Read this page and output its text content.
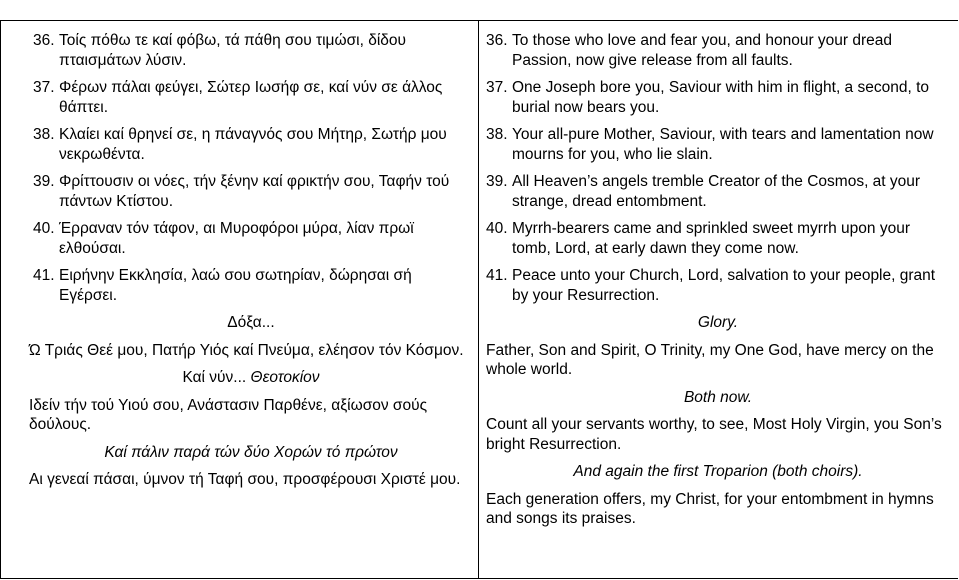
36. Τοίς πόθω τε καί φόβω, τά πάθη σου τιμώσι, δίδου πταισμάτων λύσιν.
37. Φέρων πάλαι φεύγει, Σώτερ Ιωσήφ σε, καί νύν σε άλλος θάπτει.
38. Κλαίει καί θρηνεί σε, η πάναγνός σου Μήτηρ, Σωτήρ μου νεκρωθέντα.
39. Φρίττουσιν οι νόες, τήν ξένην καί φρικτήν σου, Ταφήν τού πάντων Κτίστου.
40. Έρραναν τόν τάφον, αι Μυροφόροι μύρα, λίαν πρωϊ ελθούσαι.
41. Ειρήνην Εκκλησία, λαώ σου σωτηρίαν, δώρησαι σή Εγέρσει.
Δόξα...
Ώ Τριάς Θεέ μου, Πατήρ Υιός καί Πνεύμα, ελέησον τόν Κόσμον.
Καί νύν... Θεοτοκίον
Ιδείν τήν τού Υιού σου, Ανάστασιν Παρθένε, αξίωσον σούς δούλους.
Καί πάλιν παρά τών δύο Χορών τό πρώτον
Αι γενεαί πάσαι, ύμνον τή Ταφή σου, προσφέρουσι Χριστέ μου.
36. To those who love and fear you, and honour your dread Passion, now give release from all faults.
37. One Joseph bore you, Saviour with him in flight, a second, to burial now bears you.
38. Your all-pure Mother, Saviour, with tears and lamentation now mourns for you, who lie slain.
39. All Heaven’s angels tremble Creator of the Cosmos, at your strange, dread entombment.
40. Myrrh-bearers came and sprinkled sweet myrrh upon your tomb, Lord, at early dawn they come now.
41. Peace unto your Church, Lord, salvation to your people, grant by your Resurrection.
Glory.
Father, Son and Spirit, O Trinity, my One God, have mercy on the whole world.
Both now.
Count all your servants worthy, to see, Most Holy Virgin, you Son’s bright Resurrection.
And again the first Troparion (both choirs).
Each generation offers, my Christ, for your entombment in hymns and songs its praises.
